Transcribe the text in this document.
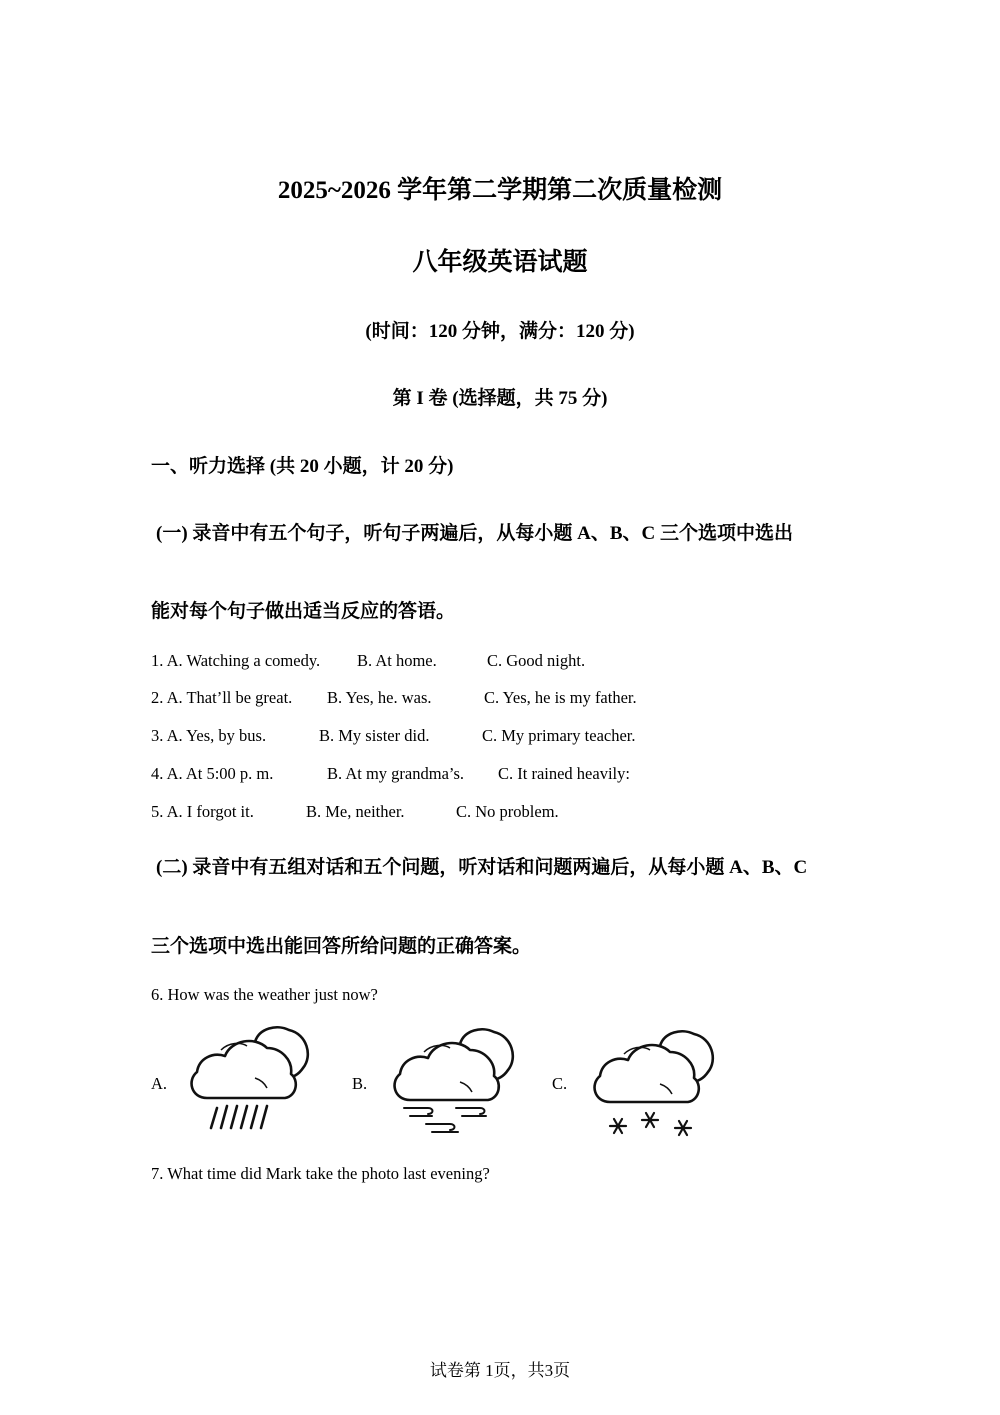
2025~2026 学年第二学期第二次质量检测
八年级英语试题
(时间：120 分钟，满分：120 分)
第 I 卷 (选择题，共 75 分)
一、听力选择 (共 20 小题，计 20 分)
(一) 录音中有五个句子，听句子两遍后，从每小题 A、B、C 三个选项中选出
能对每个句子做出适当反应的答语。
1. A. Watching a comedy. B. At home.	C. Good night.
2. A. That’ll be great. B. Yes, he. was.	C. Yes, he is my father.
3. A. Yes, by bus.	B. My sister did.	C. My primary teacher.
4. A. At 5:00 p. m.	B. At my grandma’s. C. It rained heavily:
5. A. I forgot it.	B. Me, neither.	C. No problem.
(二) 录音中有五组对话和五个问题，听对话和问题两遍后，从每小题 A、B、C
三个选项中选出能回答所给问题的正确答案。
6. How was the weather just now?
A.	B.	C.
7. What time did Mark take the photo last evening?
试卷第 1页，共3页
